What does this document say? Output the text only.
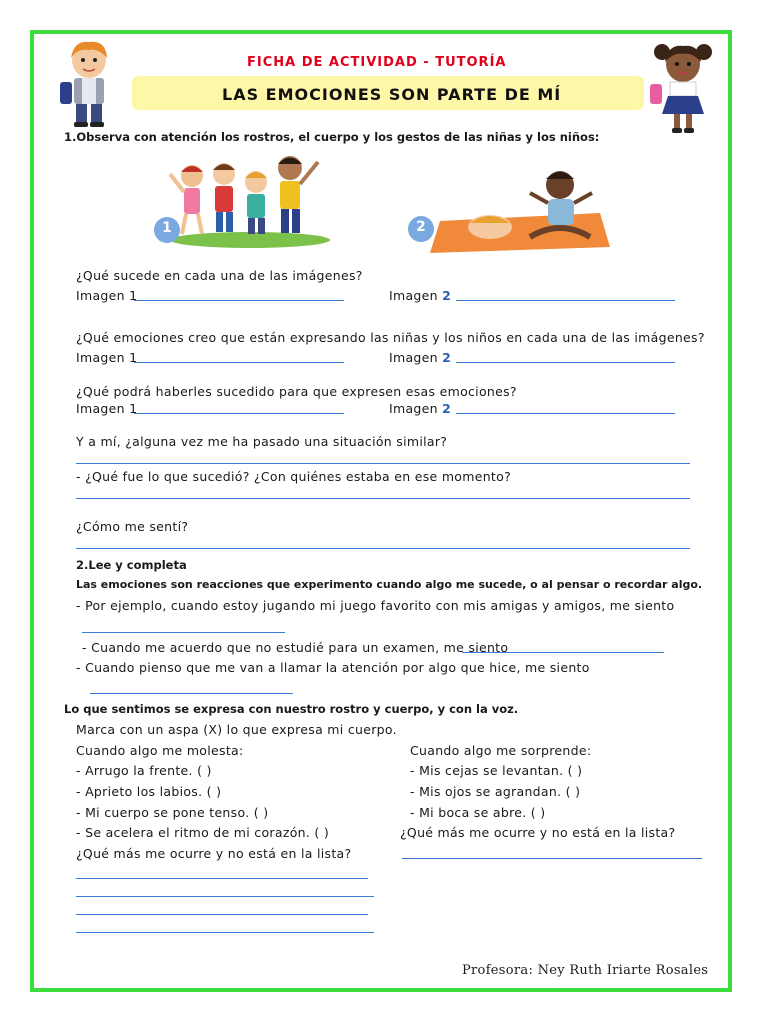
FICHA DE ACTIVIDAD - TUTORÍA
LAS EMOCIONES SON PARTE DE MÍ
1.Observa con atención los rostros, el cuerpo y los gestos de las niñas y los niños:
1	2
¿Qué sucede en cada una de las imágenes?
Imagen 1	Imagen 2
¿Qué emociones creo que están expresando las niñas y los niños en cada una de las imágenes?
Imagen 1	Imagen 2
¿Qué podrá haberles sucedido para que expresen esas emociones?
Imagen 1	Imagen 2
Y a mí, ¿alguna vez me ha pasado una situación similar?
- ¿Qué fue lo que sucedió? ¿Con quiénes estaba en ese momento?
¿Cómo me sentí?
2.Lee y completa
Las emociones son reacciones que experimento cuando algo me sucede, o al pensar o recordar algo.
- Por ejemplo, cuando estoy jugando mi juego favorito con mis amigas y amigos, me siento
- Cuando me acuerdo que no estudié para un examen, me siento
- Cuando pienso que me van a llamar la atención por algo que hice, me siento
Lo que sentimos se expresa con nuestro rostro y cuerpo, y con la voz.
Marca con un aspa (X) lo que expresa mi cuerpo.
Cuando algo me molesta:
- Arrugo la frente. ( )
- Aprieto los labios. ( )
- Mi cuerpo se pone tenso. ( )
- Se acelera el ritmo de mi corazón. ( )
¿Qué más me ocurre y no está en la lista?
Cuando algo me sorprende:
- Mis cejas se levantan. ( )
- Mis ojos se agrandan. ( )
- Mi boca se abre. ( )
¿Qué más me ocurre y no está en la lista?
Profesora: Ney Ruth Iriarte Rosales
